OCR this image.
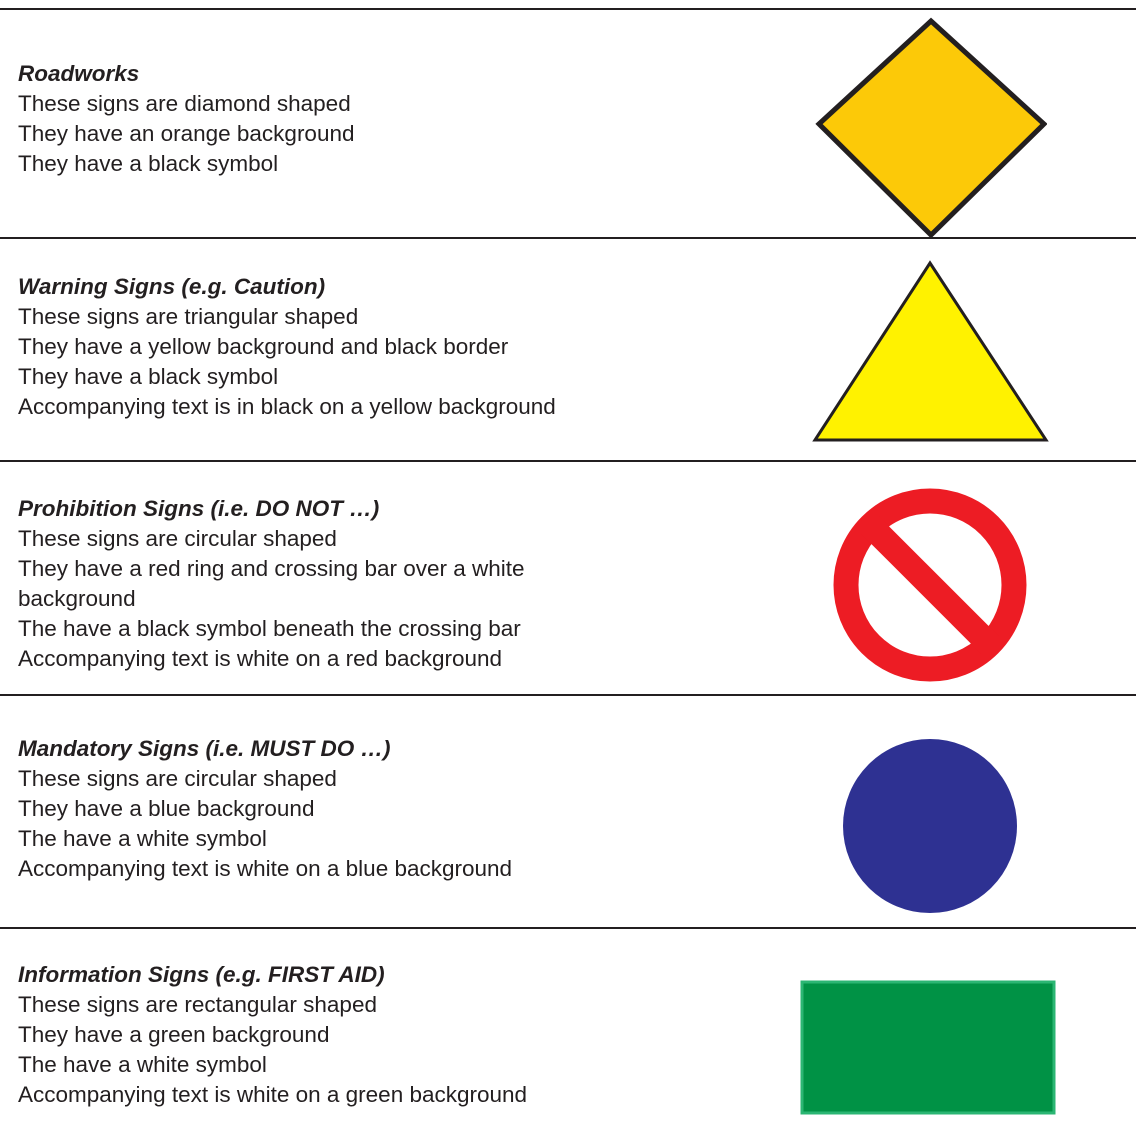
Roadworks
These signs are diamond shaped
They have an orange background
They have a black symbol
Warning Signs (e.g. Caution)
These signs are triangular shaped
They have a yellow background and black border
They have a black symbol
Accompanying text is in black on a yellow background
Prohibition Signs (i.e. DO NOT …)
These signs are circular shaped
They have a red ring and crossing bar over a white
background
The have a black symbol beneath the crossing bar
Accompanying text is white on a red background
Mandatory Signs (i.e. MUST DO …)
These signs are circular shaped
They have a blue background
The have a white symbol
Accompanying text is white on a blue background
Information Signs (e.g. FIRST AID)
These signs are rectangular shaped
They have a green background
The have a white symbol
Accompanying text is white on a green background
